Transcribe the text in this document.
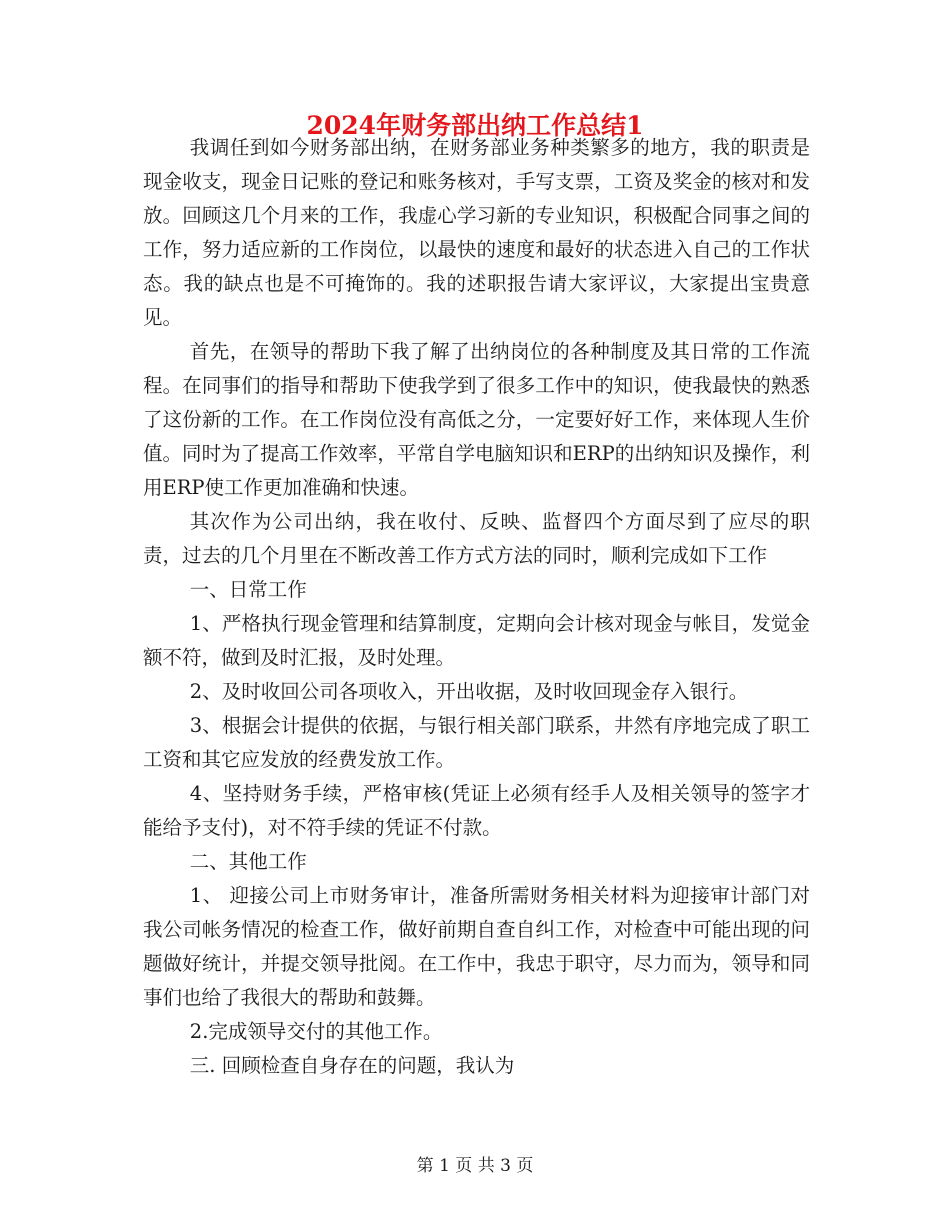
2024年财务部出纳工作总结1

我调任到如今财务部出纳，在财务部业务种类繁多的地方，我的职责是现金收支，现金日记账的登记和账务核对，手写支票，工资及奖金的核对和发放。回顾这几个月来的工作，我虚心学习新的专业知识，积极配合同事之间的工作，努力适应新的工作岗位，以最快的速度和最好的状态进入自己的工作状态。我的缺点也是不可掩饰的。我的述职报告请大家评议，大家提出宝贵意见。

首先，在领导的帮助下我了解了出纳岗位的各种制度及其日常的工作流程。在同事们的指导和帮助下使我学到了很多工作中的知识，使我最快的熟悉了这份新的工作。在工作岗位没有高低之分，一定要好好工作，来体现人生价值。同时为了提高工作效率，平常自学电脑知识和ERP的出纳知识及操作，利用ERP使工作更加准确和快速。

其次作为公司出纳，我在收付、反映、监督四个方面尽到了应尽的职责，过去的几个月里在不断改善工作方式方法的同时，顺利完成如下工作

一、日常工作

1、严格执行现金管理和结算制度，定期向会计核对现金与帐目，发觉金额不符，做到及时汇报，及时处理。

2、及时收回公司各项收入，开出收据，及时收回现金存入银行。

3、根据会计提供的依据，与银行相关部门联系，井然有序地完成了职工工资和其它应发放的经费发放工作。

4、坚持财务手续，严格审核(凭证上必须有经手人及相关领导的签字才能给予支付)，对不符手续的凭证不付款。

二、其他工作

1、 迎接公司上市财务审计，准备所需财务相关材料为迎接审计部门对我公司帐务情况的检查工作，做好前期自查自纠工作，对检查中可能出现的问题做好统计，并提交领导批阅。在工作中，我忠于职守，尽力而为，领导和同事们也给了我很大的帮助和鼓舞。

2.完成领导交付的其他工作。

三. 回顾检查自身存在的问题，我认为

第 1 页 共 3 页
